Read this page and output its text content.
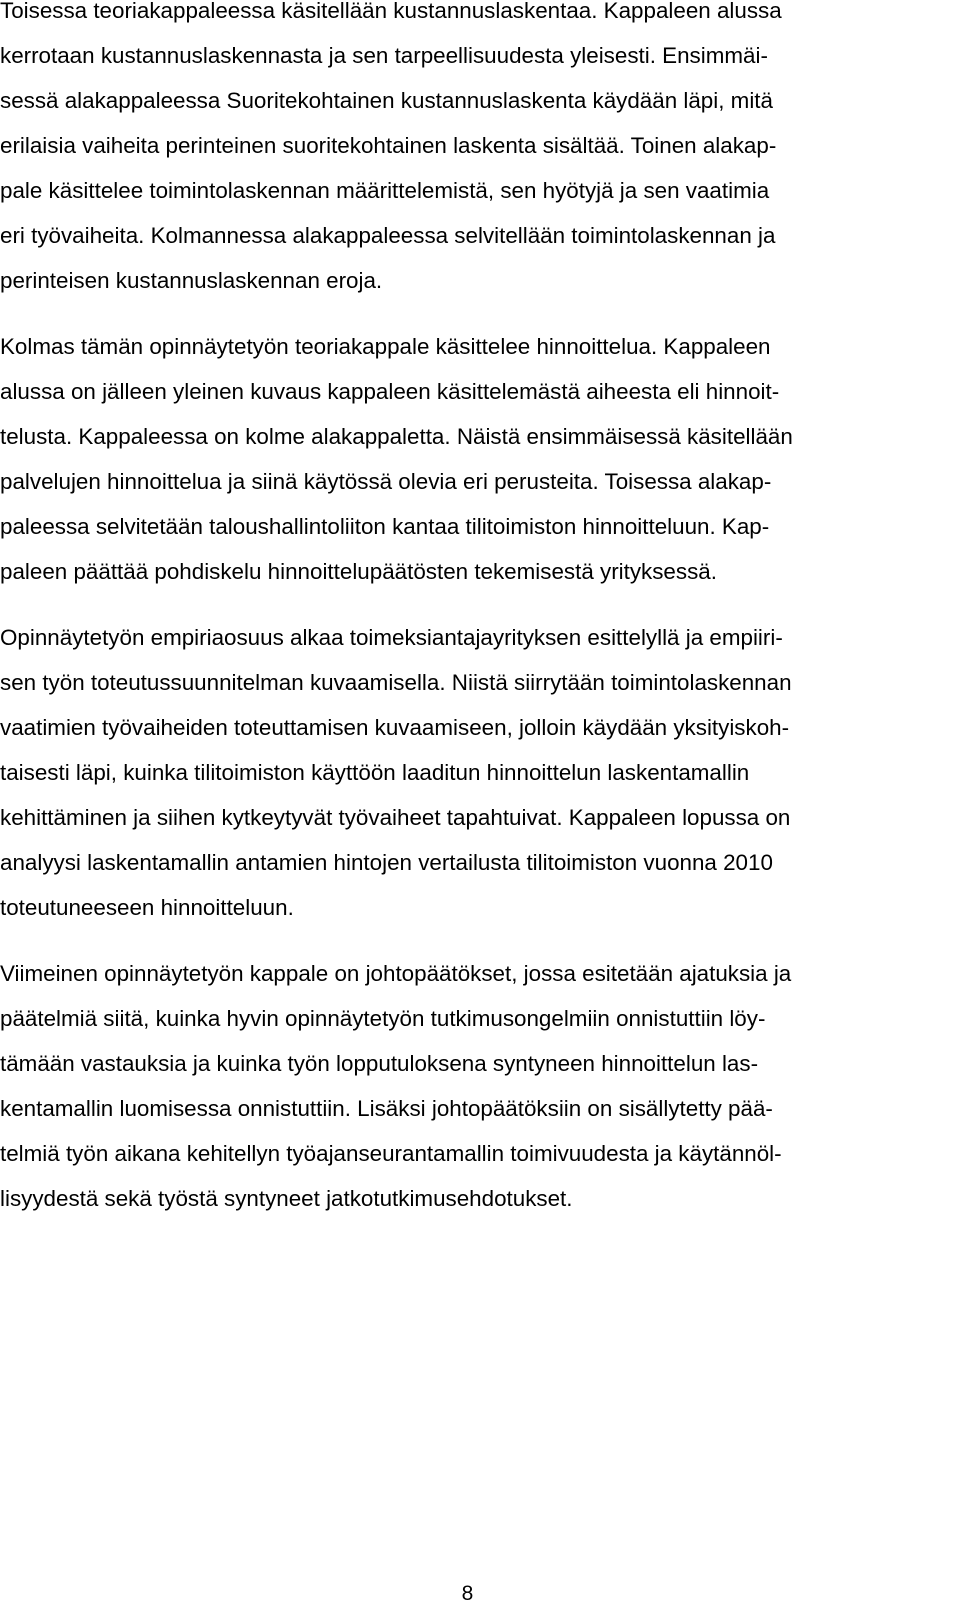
Toisessa teoriakappaleessa käsitellään kustannuslaskentaa. Kappaleen alussa
kerrotaan kustannuslaskennasta ja sen tarpeellisuudesta yleisesti. Ensimmäi-
sessä alakappaleessa Suoritekohtainen kustannuslaskenta käydään läpi, mitä
erilaisia vaiheita perinteinen suoritekohtainen laskenta sisältää. Toinen alakap-
pale käsittelee toimintolaskennan määrittelemistä, sen hyötyjä ja sen vaatimia
eri työvaiheita. Kolmannessa alakappaleessa selvitellään toimintolaskennan ja
perinteisen kustannuslaskennan eroja.
Kolmas tämän opinnäytetyön teoriakappale käsittelee hinnoittelua. Kappaleen
alussa on jälleen yleinen kuvaus kappaleen käsittelemästä aiheesta eli hinnoit-
telusta. Kappaleessa on kolme alakappaletta. Näistä ensimmäisessä käsitellään
palvelujen hinnoittelua ja siinä käytössä olevia eri perusteita. Toisessa alakap-
paleessa selvitetään taloushallintoliiton kantaa tilitoimiston hinnoitteluun. Kap-
paleen päättää pohdiskelu hinnoittelupäätösten tekemisestä yrityksessä.
Opinnäytetyön empiriaosuus alkaa toimeksiantajayrityksen esittelyllä ja empiiri-
sen työn toteutussuunnitelman kuvaamisella. Niistä siirrytään toimintolaskennan
vaatimien työvaiheiden toteuttamisen kuvaamiseen, jolloin käydään yksityiskoh-
taisesti läpi, kuinka tilitoimiston käyttöön laaditun hinnoittelun laskentamallin
kehittäminen ja siihen kytkeytyvät työvaiheet tapahtuivat. Kappaleen lopussa on
analyysi laskentamallin antamien hintojen vertailusta tilitoimiston vuonna 2010
toteutuneeseen hinnoitteluun.
Viimeinen opinnäytetyön kappale on johtopäätökset, jossa esitetään ajatuksia ja
päätelmiä siitä, kuinka hyvin opinnäytetyön tutkimusongelmiin onnistuttiin löy-
tämään vastauksia ja kuinka työn lopputuloksena syntyneen hinnoittelun las-
kentamallin luomisessa onnistuttiin. Lisäksi johtopäätöksiin on sisällytetty pää-
telmiä työn aikana kehitellyn työajanseurantamallin toimivuudesta ja käytännöl-
lisyydestä sekä työstä syntyneet jatkotutkimusehdotukset.
8
